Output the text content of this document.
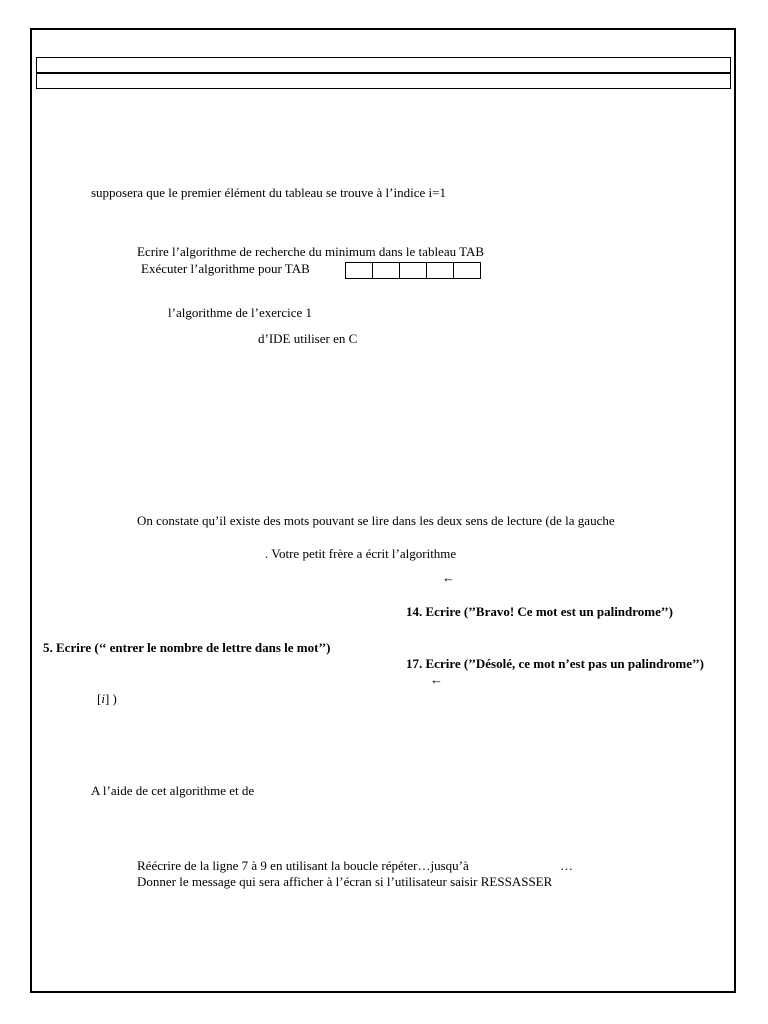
supposera que le premier élément du tableau se trouve à l’indice i=1
Ecrire l’algorithme de recherche du minimum dans le tableau TAB
Exécuter l’algorithme pour TAB
l’algorithme de l’exercice 1
d’IDE utiliser en C
On constate qu’il existe des mots pouvant se lire dans les deux sens de lecture (de la gauche
. Votre petit frère a écrit l’algorithme
←
14. Ecrire (’’Bravo! Ce mot est un palindrome’’)
5. Ecrire (‘‘ entrer le nombre de lettre dans le mot’’)
17. Ecrire (’’Désolé, ce mot n’est pas un palindrome’’)
←
[i] )
A l’aide de cet algorithme et de
Réécrire de la ligne 7 à 9 en utilisant la boucle répéter…jusqu’à	…
Donner le message qui sera afficher à l’écran si l’utilisateur saisir RESSASSER
